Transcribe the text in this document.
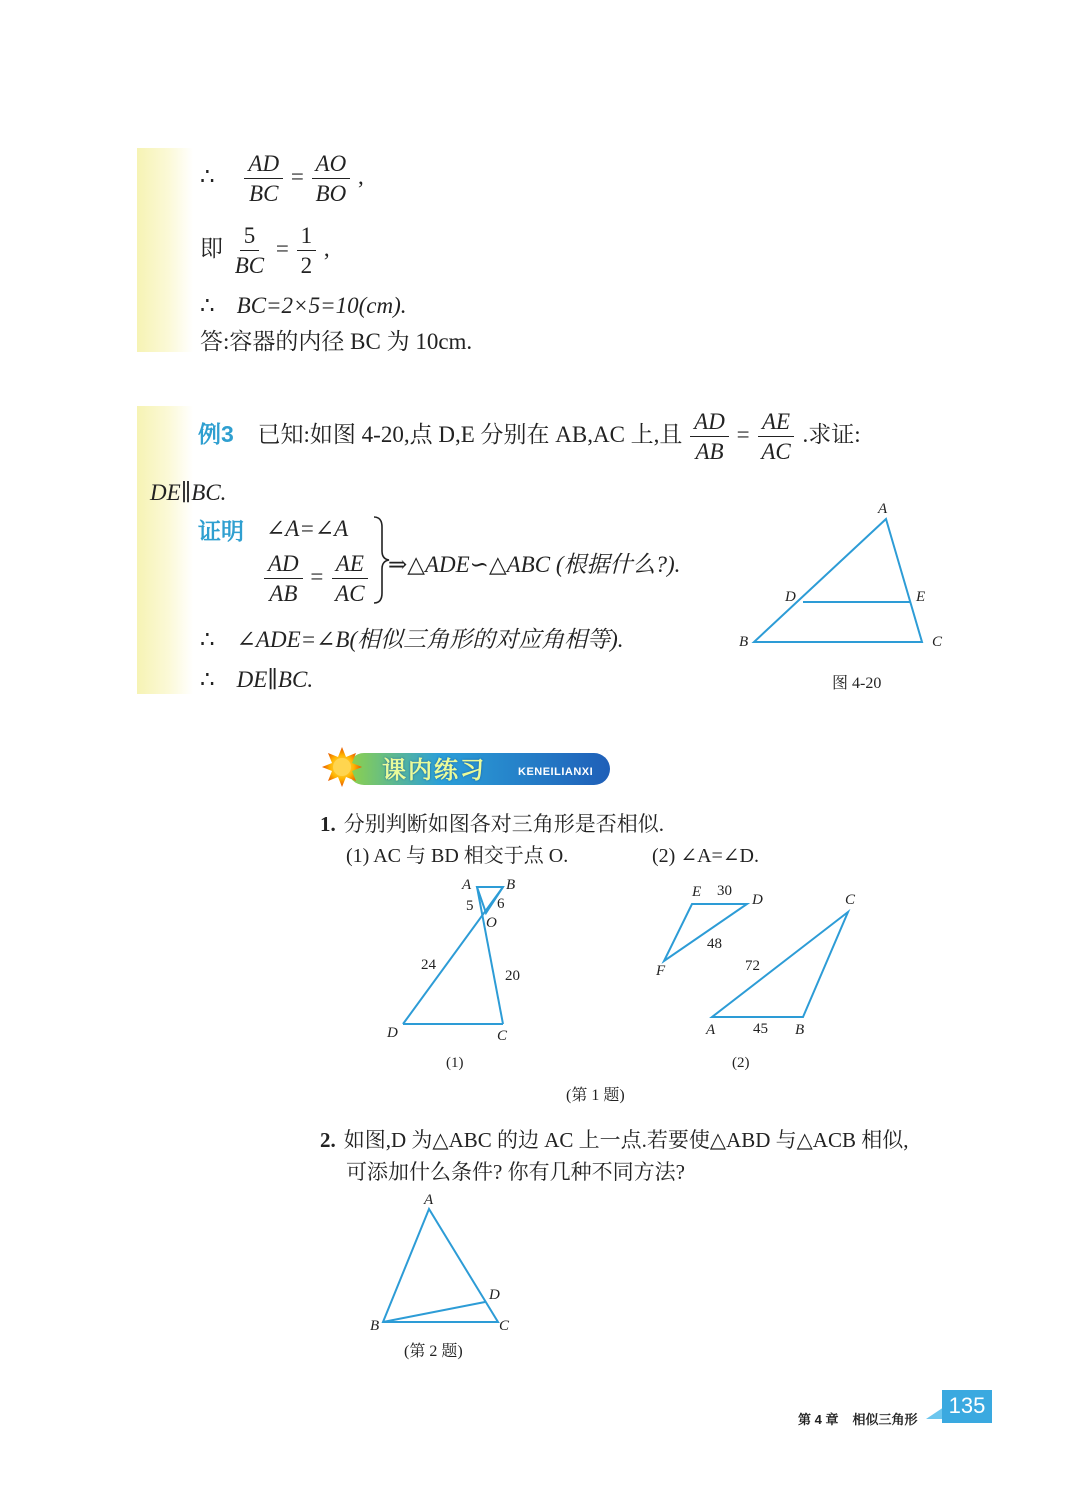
∴ $\frac{AD}{BC} = \frac{AO}{BO}$ ,
即 $\frac{5}{BC} = \frac{1}{2}$ ,
∴ BC=2×5=10(cm).
答:容器的内径 BC 为 10cm.
例3 已知:如图 4-20,点 D,E 分别在 AB,AC 上,且 $\frac{AD}{AB} = \frac{AE}{AC}$ .求证:
DE∥BC.
证明 ∠A=∠A
$\frac{AD}{AB} = \frac{AE}{AC}$ ⇒△ADE∽△ABC (根据什么?).
∴ ∠ADE=∠B(相似三角形的对应角相等).
∴ DE∥BC.
A
D	E
B	C
图 4-20
课内练习	KENEILIANXI
1. 分别判断如图各对三角形是否相似.
(1) AC 与 BD 相交于点 O.	(2) ∠A=∠D.
A B
5 6
O
24
20
D	C
(1)
E 30
D	C
48
72
F
A	45 B
(2)
(第 1 题)
2. 如图,D 为△ABC 的边 AC 上一点.若要使△ABD 与△ACB 相似,
可添加什么条件? 你有几种不同方法?
A
D
B	C
(第 2 题)
第 4 章 相似三角形
135
